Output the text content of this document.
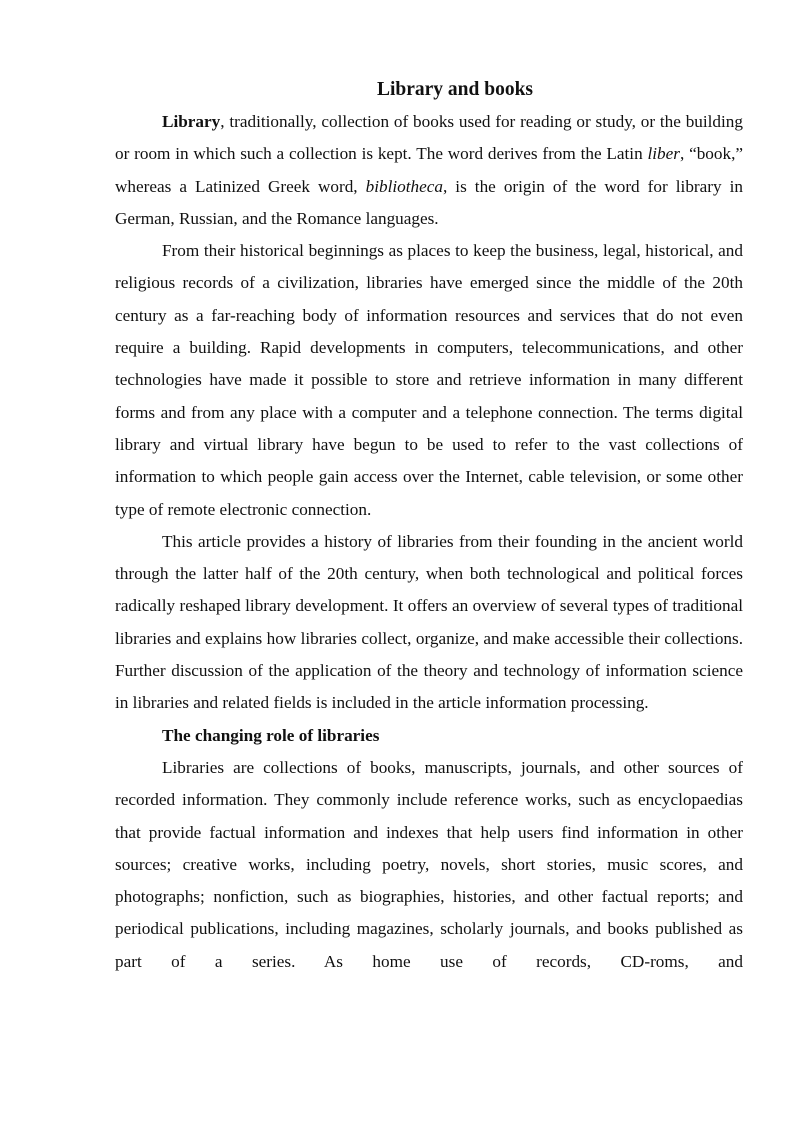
Library and books

Library, traditionally, collection of books used for reading or study, or the building or room in which such a collection is kept. The word derives from the Latin liber, “book,” whereas a Latinized Greek word, bibliotheca, is the origin of the word for library in German, Russian, and the Romance languages.

From their historical beginnings as places to keep the business, legal, historical, and religious records of a civilization, libraries have emerged since the middle of the 20th century as a far-reaching body of information resources and services that do not even require a building. Rapid developments in computers, telecommunications, and other technologies have made it possible to store and retrieve information in many different forms and from any place with a computer and a telephone connection. The terms digital library and virtual library have begun to be used to refer to the vast collections of information to which people gain access over the Internet, cable television, or some other type of remote electronic connection.

This article provides a history of libraries from their founding in the ancient world through the latter half of the 20th century, when both technological and political forces radically reshaped library development. It offers an overview of several types of traditional libraries and explains how libraries collect, organize, and make accessible their collections. Further discussion of the application of the theory and technology of information science in libraries and related fields is included in the article information processing.

The changing role of libraries

Libraries are collections of books, manuscripts, journals, and other sources of recorded information. They commonly include reference works, such as encyclopaedias that provide factual information and indexes that help users find information in other sources; creative works, including poetry, novels, short stories, music scores, and photographs; nonfiction, such as biographies, histories, and other factual reports; and periodical publications, including magazines, scholarly journals, and books published as part of a series. As home use of records, CD-roms, and
